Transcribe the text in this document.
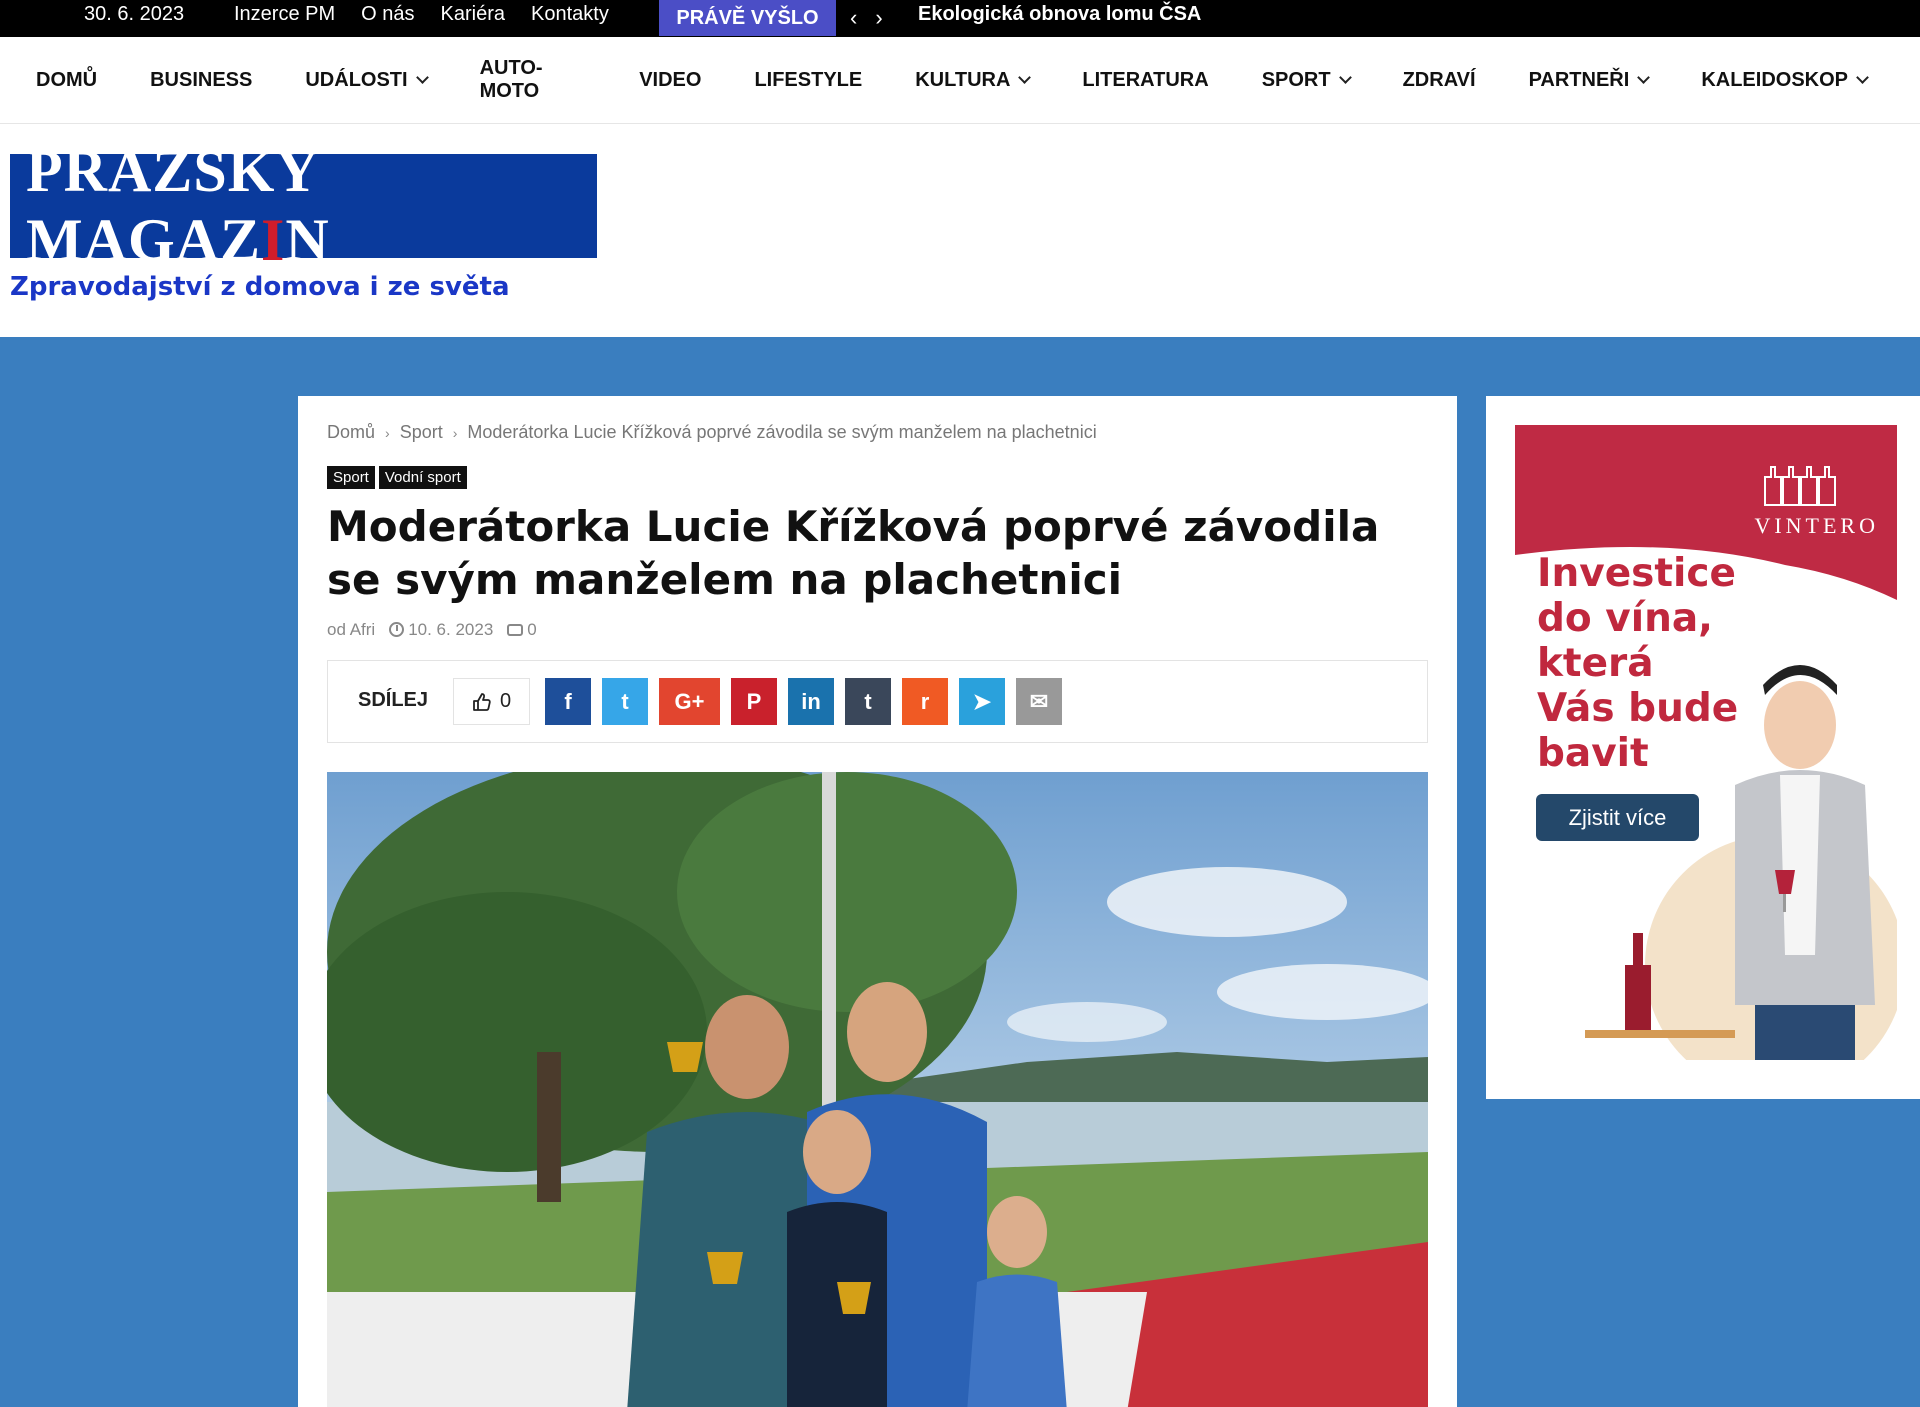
30. 6. 2023 Inzerce PM O nás Kariéra Kontakty	PRÁVĚ VYŠLO	‹ › Ekologická obnova lomu ČSA
DOMŮ	BUSINESS	UDÁLOSTI
AUTO-MOTO
VIDEO	LIFESTYLE	KULTURA	LITERATURA	SPORT	ZDRAVÍ	PARTNEŘI	KALEIDOSKOP
PRAŽSKÝ MAGAZIN
Zpravodajství z domova i ze světa
Domů › Sport › Moderátorka Lucie Křížková poprvé závodila se svým manželem na plachetnici
Sport	Vodní sport
Moderátorka Lucie Křížková poprvé závodila se svým manželem na plachetnici
od Afri	10. 6. 2023	0
SDÍLEJ	0 f t G+ P in t r ➤ ✉
VINTERO
Investice
do vína,
která
Vás bude
bavit
Zjistit více
